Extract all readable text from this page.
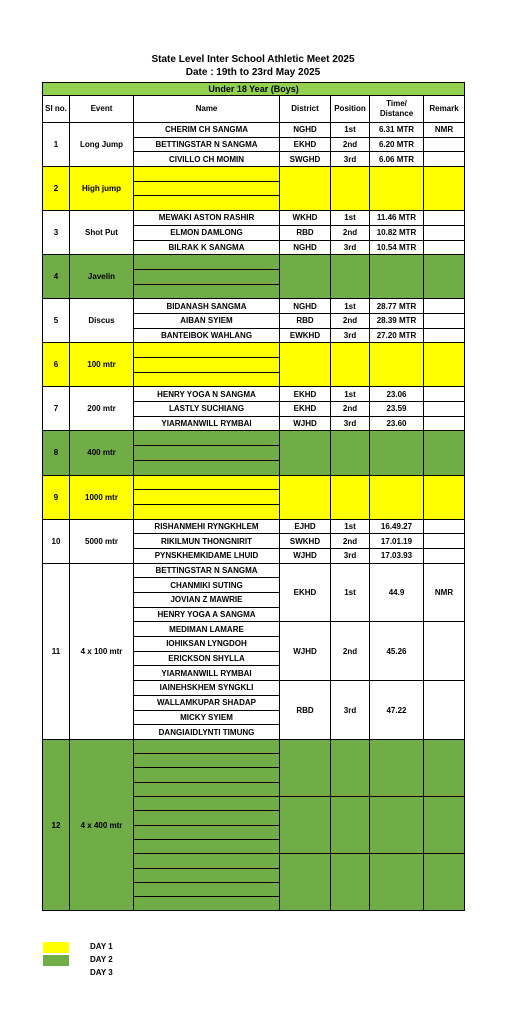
State Level Inter School Athletic Meet 2025
Date : 19th to 23rd May 2025
Under 18 Year (Boys)						
Sl no.	Event	Name	District	Position	Time/ Distance	Remark
1	Long Jump	CHERIM CH SANGMA	NGHD	1st	6.31 MTR	NMR
		BETTINGSTAR N SANGMA	EKHD	2nd	6.20 MTR	
		CIVILLO CH MOMIN	SWGHD	3rd	6.06 MTR	
2	High jump					

3	Shot Put	MEWAKI ASTON RASHIR	WKHD	1st	11.46 MTR	
		ELMON DAMLONG	RBD	2nd	10.82 MTR	
		BILRAK K SANGMA	NGHD	3rd	10.54 MTR	
4	Javelin					

5	Discus	BIDANASH SANGMA	NGHD	1st	28.77 MTR	
		AIBAN SYIEM	RBD	2nd	28.39 MTR	
		BANTEIBOK WAHLANG	EWKHD	3rd	27.20 MTR	
6	100 mtr					

7	200 mtr	HENRY YOGA N SANGMA	EKHD	1st	23.06	
		LASTLY SUCHIANG	EKHD	2nd	23.59	
		YIARMANWILL RYMBAI	WJHD	3rd	23.60	
8	400 mtr					

9	1000 mtr					

10	5000 mtr	RISHANMEHI RYNGKHLEM	EJHD	1st	16.49.27	
		RIKILMUN THONGNIRIT	SWKHD	2nd	17.01.19	
		PYNSKHEMKIDAME LHUID	WJHD	3rd	17.03.93	
11	4 x 100 mtr	BETTINGSTAR N SANGMA	EKHD	1st	44.9	NMR
		CHANMIKI SUTING				
		JOVIAN Z MAWRIE				
		HENRY YOGA A SANGMA				
		MEDIMAN LAMARE	WJHD	2nd	45.26	
		IOHIKSAN LYNGDOH				
		ERICKSON SHYLLA				
		YIARMANWILL RYMBAI				
		IAINEHSKHEM SYNGKLI	RBD	3rd	47.22	
		WALLAMKUPAR SHADAP				
		MICKY SYIEM				
		DANGIAIDLYNTI TIMUNG				
12	4 x 400 mtr					

DAY 1
DAY 2
DAY 3
